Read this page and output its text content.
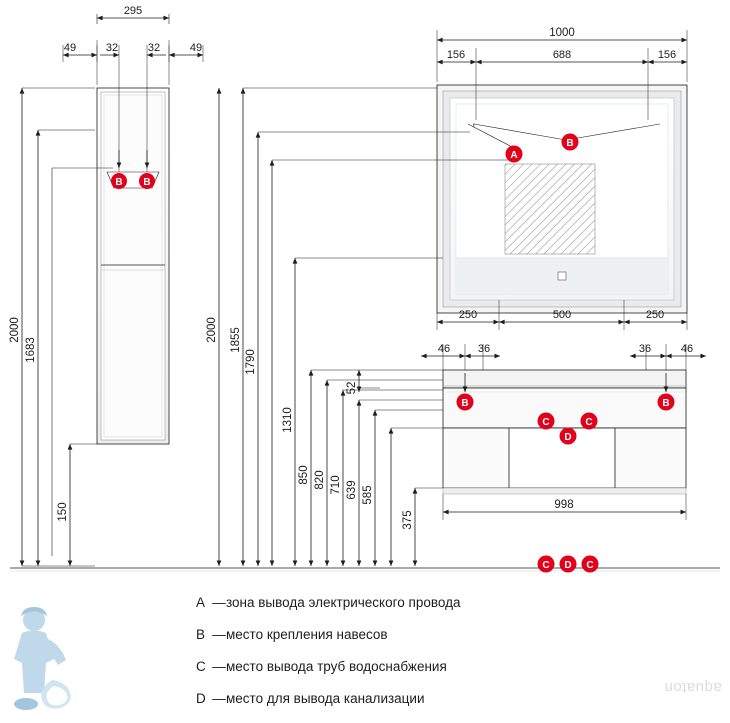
295
49	32	32	49
2000
1683
150
Ꞌ
1000
156	688	156
250	500	250
46	36	36	46
998
2000 1855
1790
1310
850 820 710 639 585
375
52
B B
A
B
B	B
C	C
D
C D C
A — зона вывода электрического провода
B — место крепления навесов
C — место вывода труб водоснабжения
D — место для вывода канализации
aquaton
